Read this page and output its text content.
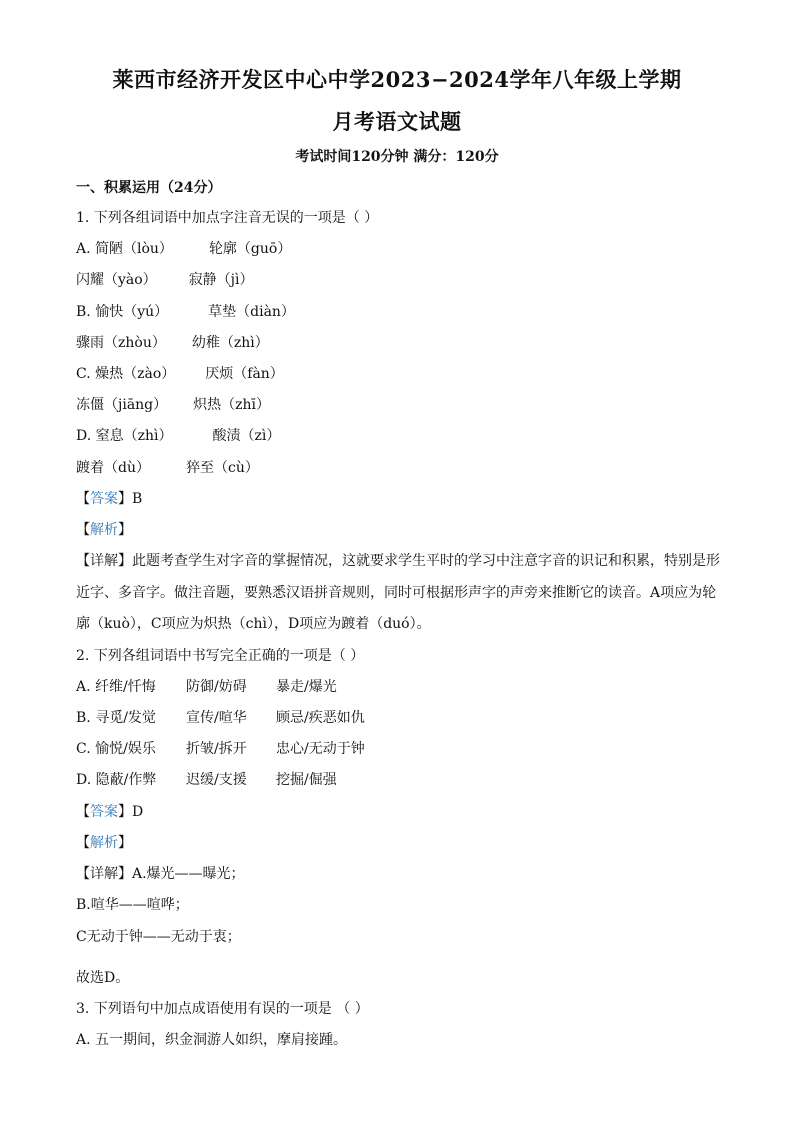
莱西市经济开发区中心中学2023−2024学年八年级上学期
月考语文试题
考试时间120分钟 满分：120分
一、积累运用（24分）
1. 下列各组词语中加点字注音无误的一项是（ ）
A. 简陋（lòu）	轮廓（guō）
闪耀（yào） 寂静（jì）
B. 愉快（yú）	草垫（diàn）
骤雨（zhòu） 幼稚（zhì）
C. 燥热（zào） 厌烦（fàn）
冻僵（jiāng） 炽热（zhī）
D. 窒息（zhì）	酸渍（zì）
踱着（dù）	猝至（cù）
【答案】B
【解析】
【详解】此题考查学生对字音的掌握情况，这就要求学生平时的学习中注意字音的识记和积累，特别是形
近字、多音字。做注音题，要熟悉汉语拼音规则，同时可根据形声字的声旁来推断它的读音。A项应为轮
廓（kuò），C项应为炽热（chì），D项应为踱着（duó）。
2. 下列各组词语中书写完全正确的一项是（ ）
A. 纤维/忏悔 防御/妨碍 暴走/爆光
B. 寻觅/发觉 宣传/喧华 顾忌/疾恶如仇
C. 愉悦/娱乐 折皱/拆开 忠心/无动于钟
D. 隐蔽/作弊 迟缓/支援 挖掘/倔强
【答案】D
【解析】
【详解】A.爆光——曝光；
B.喧华——喧哗；
C无动于钟——无动于衷；
故选D。
3. 下列语句中加点成语使用有误的一项是 （ ）
A. 五一期间，织金洞游人如织，摩肩接踵。
